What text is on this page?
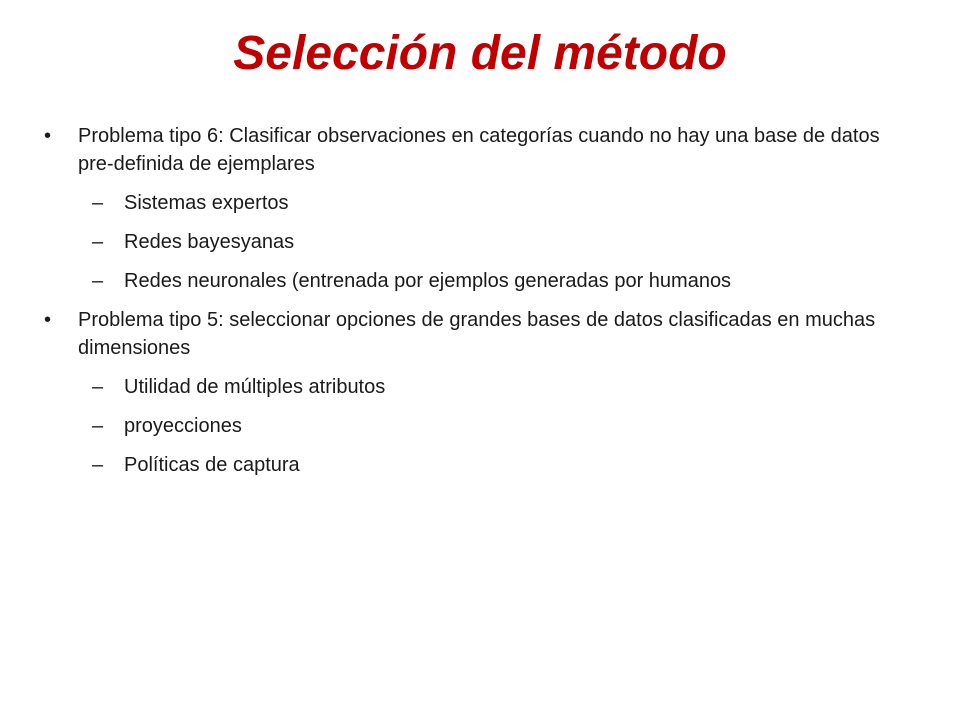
Selección del método
•	Problema tipo 6: Clasificar observaciones en categorías cuando no hay una base de datos pre-definida de ejemplares
– Sistemas expertos
– Redes bayesyanas
– Redes neuronales (entrenada por ejemplos generadas por humanos
•	Problema tipo 5: seleccionar opciones de grandes bases de datos clasificadas en muchas dimensiones
– Utilidad de múltiples atributos
– proyecciones
– Políticas de captura
